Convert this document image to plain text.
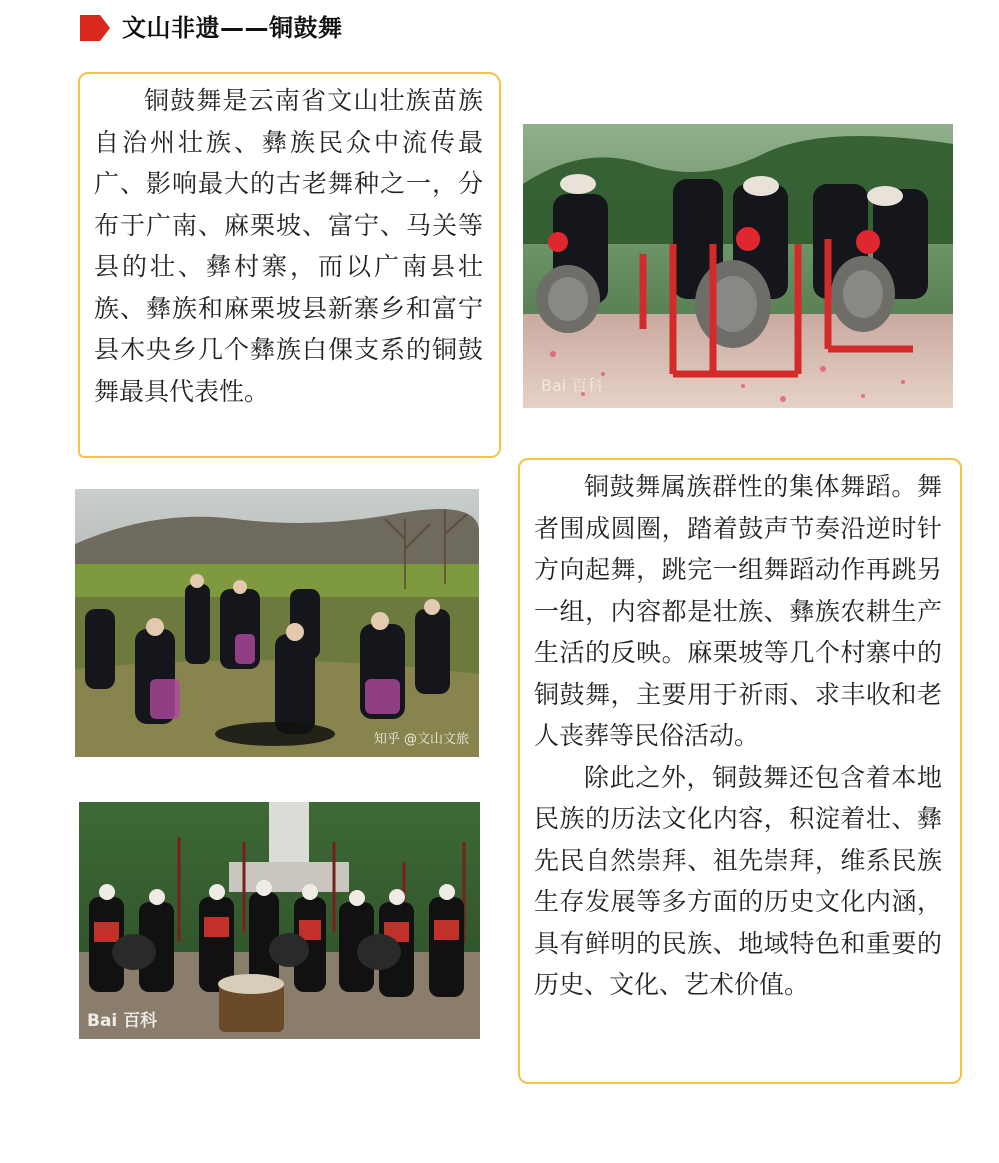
文山非遗——铜鼓舞

铜鼓舞是云南省文山壮族苗族自治州壮族、彝族民众中流传最广、影响最大的古老舞种之一，分布于广南、麻栗坡、富宁、马关等县的壮、彝村寨，而以广南县壮族、彝族和麻栗坡县新寨乡和富宁县木央乡几个彝族白倮支系的铜鼓舞最具代表性。	Bai 百科
知乎 @文山文旅
Bai 百科

铜鼓舞属族群性的集体舞蹈。舞者围成圆圈，踏着鼓声节奏沿逆时针方向起舞，跳完一组舞蹈动作再跳另一组，内容都是壮族、彝族农耕生产生活的反映。麻栗坡等几个村寨中的铜鼓舞，主要用于祈雨、求丰收和老人丧葬等民俗活动。

除此之外，铜鼓舞还包含着本地民族的历法文化内容，积淀着壮、彝先民自然崇拜、祖先崇拜，维系民族生存发展等多方面的历史文化内涵，具有鲜明的民族、地域特色和重要的历史、文化、艺术价值。
